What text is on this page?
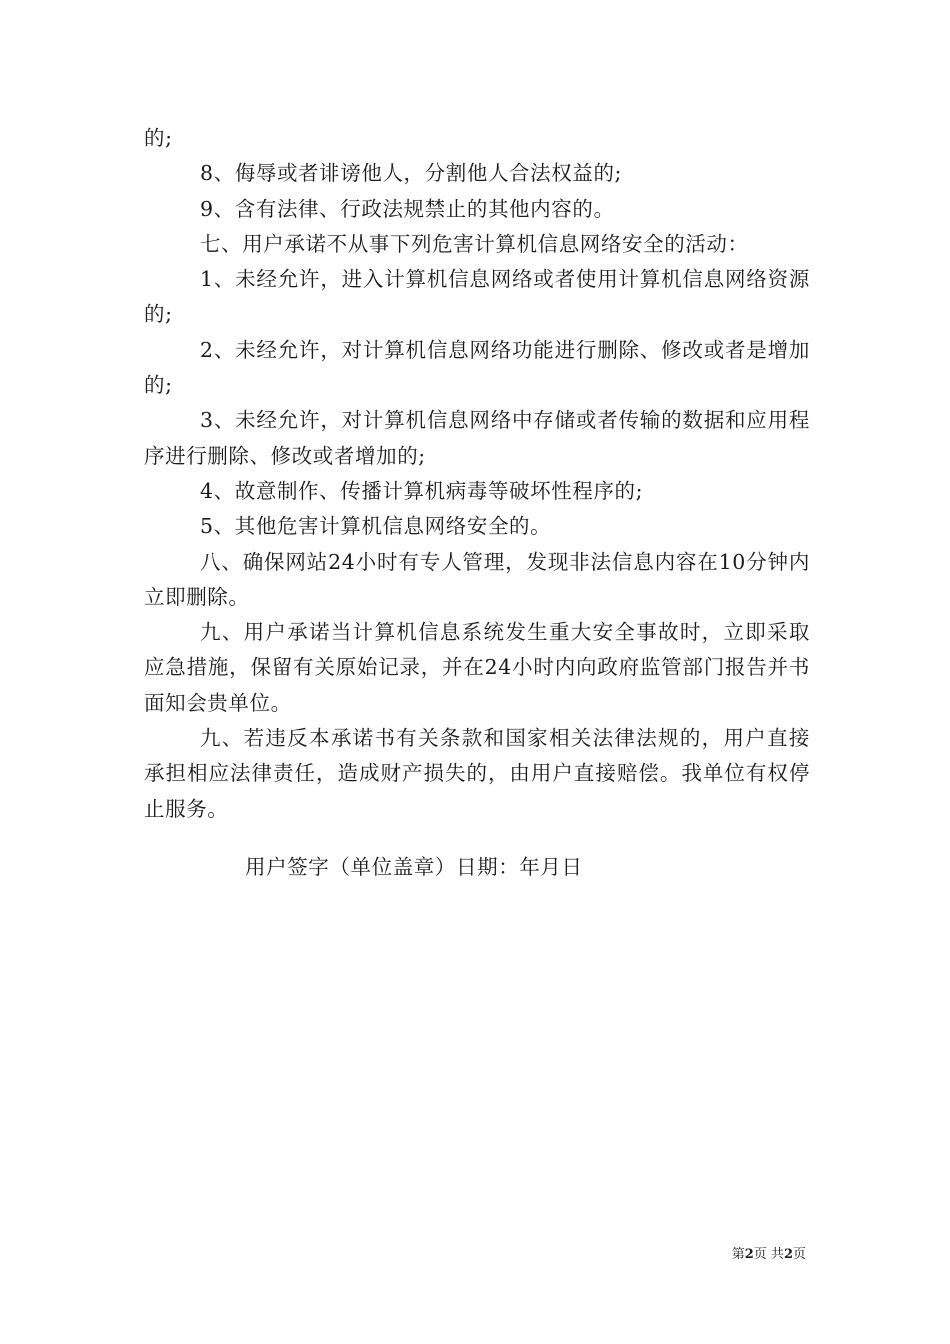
的;

8、侮辱或者诽谤他人，分割他人合法权益的;

9、含有法律、行政法规禁止的其他内容的。

七、用户承诺不从事下列危害计算机信息网络安全的活动：

1、未经允许，进入计算机信息网络或者使用计算机信息网络资源的;

2、未经允许，对计算机信息网络功能进行删除、修改或者是增加的;

3、未经允许，对计算机信息网络中存储或者传输的数据和应用程序进行删除、修改或者增加的;

4、故意制作、传播计算机病毒等破坏性程序的;

5、其他危害计算机信息网络安全的。

八、确保网站24小时有专人管理，发现非法信息内容在10分钟内立即删除。

九、用户承诺当计算机信息系统发生重大安全事故时，立即采取应急措施，保留有关原始记录，并在24小时内向政府监管部门报告并书面知会贵单位。

九、若违反本承诺书有关条款和国家相关法律法规的，用户直接承担相应法律责任，造成财产损失的，由用户直接赔偿。我单位有权停止服务。

用户签字（单位盖章）日期：年月日
第2页 共2页
